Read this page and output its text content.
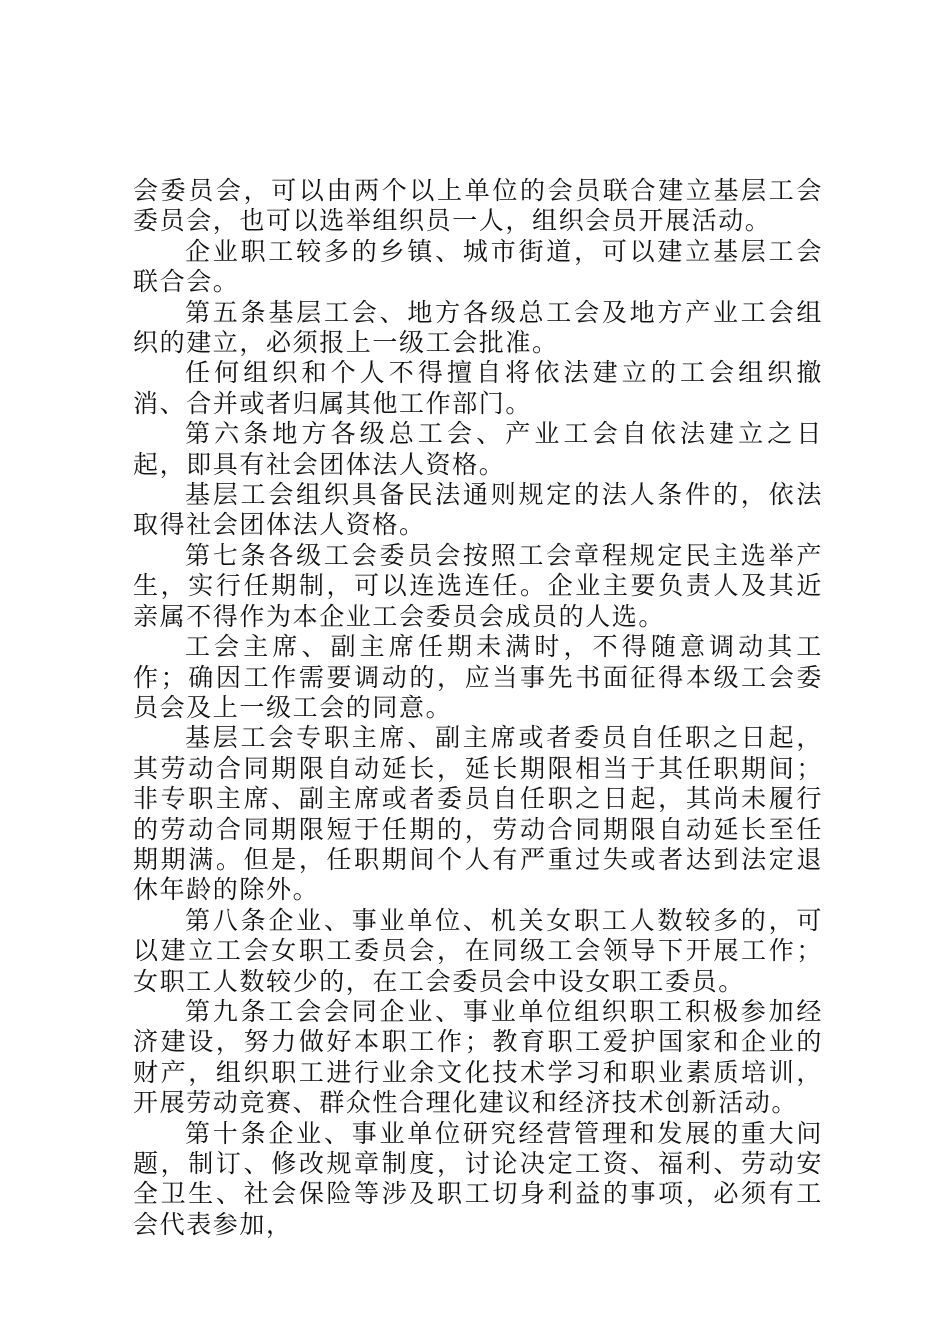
会委员会，可以由两个以上单位的会员联合建立基层工会委员会，也可以选举组织员一人，组织会员开展活动。

企业职工较多的乡镇、城市街道，可以建立基层工会联合会。

第五条基层工会、地方各级总工会及地方产业工会组织的建立，必须报上一级工会批准。

任何组织和个人不得擅自将依法建立的工会组织撤消、合并或者归属其他工作部门。

第六条地方各级总工会、产业工会自依法建立之日起，即具有社会团体法人资格。

基层工会组织具备民法通则规定的法人条件的，依法取得社会团体法人资格。

第七条各级工会委员会按照工会章程规定民主选举产生，实行任期制，可以连选连任。企业主要负责人及其近亲属不得作为本企业工会委员会成员的人选。

工会主席、副主席任期未满时，不得随意调动其工作；确因工作需要调动的，应当事先书面征得本级工会委员会及上一级工会的同意。

基层工会专职主席、副主席或者委员自任职之日起，其劳动合同期限自动延长，延长期限相当于其任职期间；非专职主席、副主席或者委员自任职之日起，其尚未履行的劳动合同期限短于任期的，劳动合同期限自动延长至任期期满。但是，任职期间个人有严重过失或者达到法定退休年龄的除外。

第八条企业、事业单位、机关女职工人数较多的，可以建立工会女职工委员会，在同级工会领导下开展工作；女职工人数较少的，在工会委员会中设女职工委员。

第九条工会会同企业、事业单位组织职工积极参加经济建设，努力做好本职工作；教育职工爱护国家和企业的财产，组织职工进行业余文化技术学习和职业素质培训，开展劳动竞赛、群众性合理化建议和经济技术创新活动。

第十条企业、事业单位研究经营管理和发展的重大问题，制订、修改规章制度，讨论决定工资、福利、劳动安全卫生、社会保险等涉及职工切身利益的事项，必须有工会代表参加，
